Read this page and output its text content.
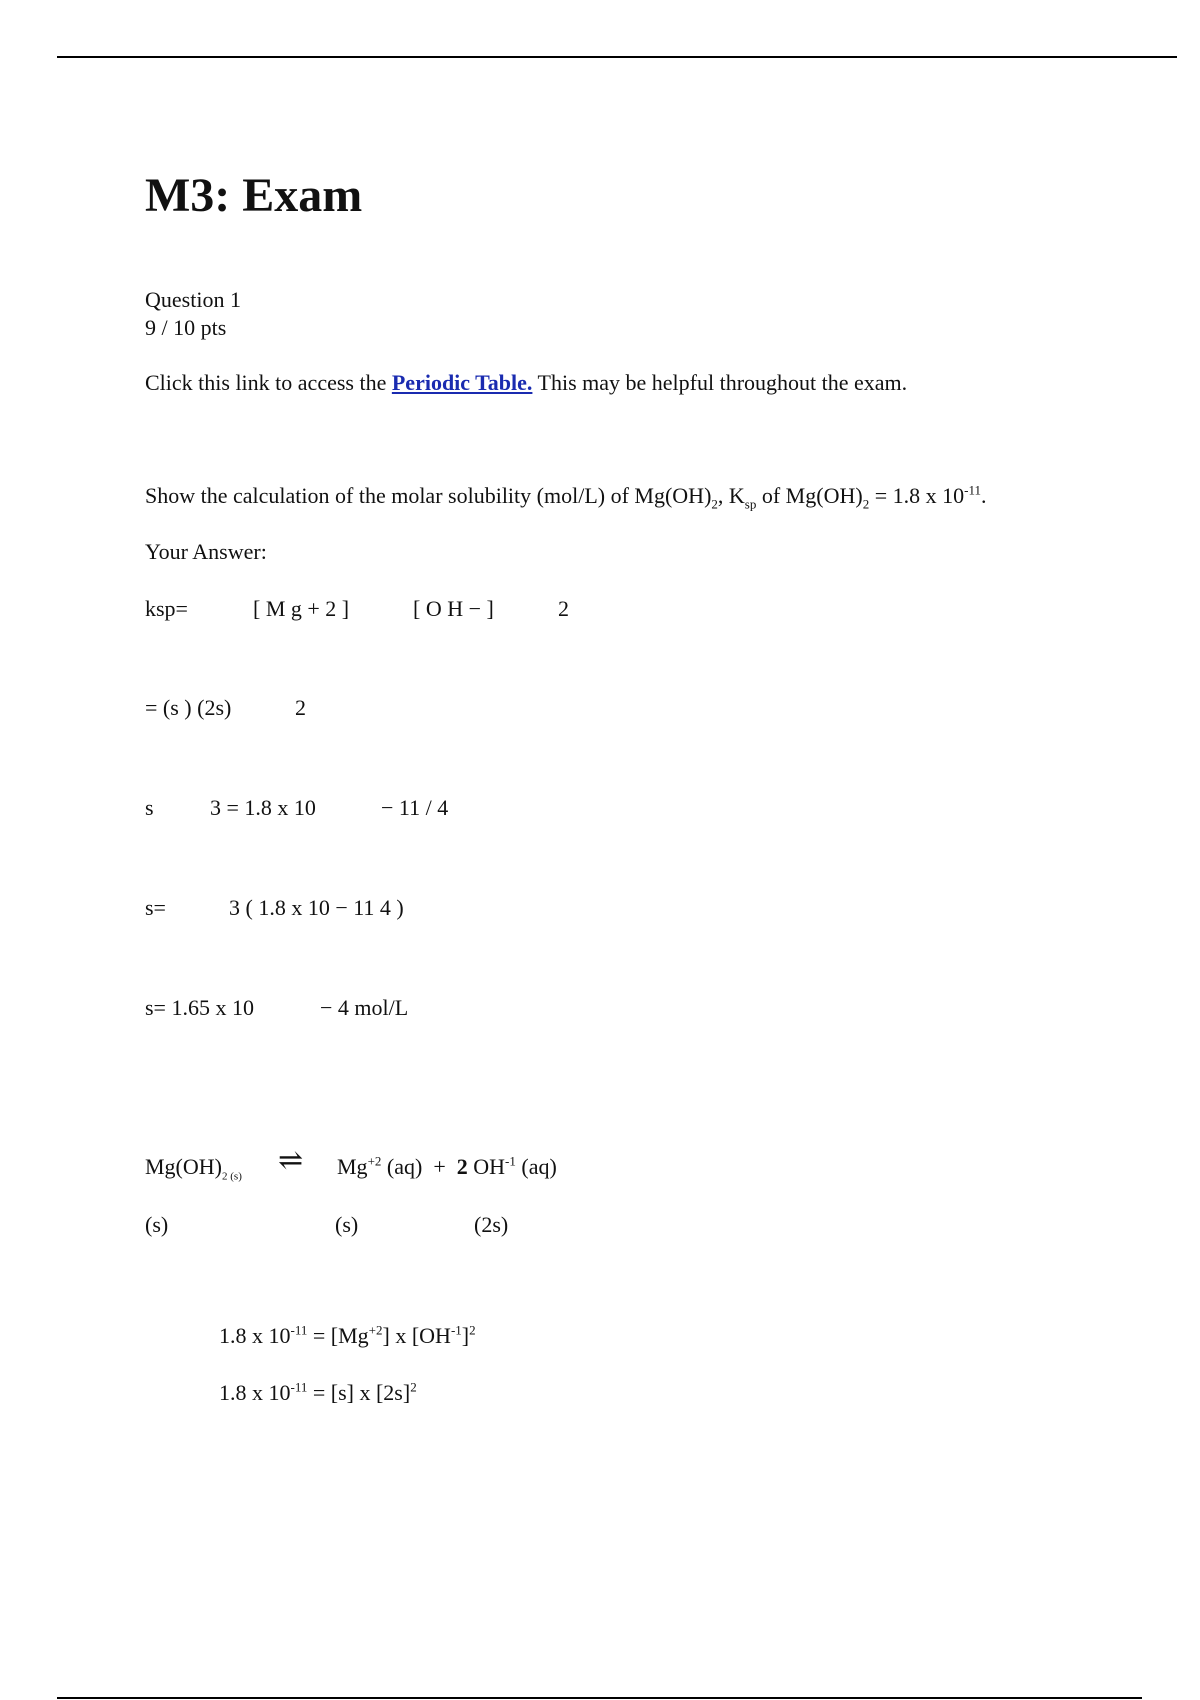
M3: Exam
Question 1
9 / 10 pts
Click this link to access the Periodic Table. This may be helpful throughout the exam.
Show the calculation of the molar solubility (mol/L) of $Mg(OH)_2$, $K_{sp}$ of $Mg(OH)_2 = 1.8$ x $10^{-11}$.
Your Answer:
ksp=	[ M g + 2 ]	[ O H − ]	2
= (s ) (2s)	2
s	3 = 1.8 x 10	− 11 / 4
s=	3 ( 1.8 x 10 − 11 4 )
s= 1.65 x 10	− 4 mol/L
$Mg(OH)_{2 (s)}$ ⇌ $Mg^{+2}$ (aq) + 2 $OH^{-1}$ (aq)
(s)	(s)	(2s)
1.8 x $10^{-11} = [Mg^{+2}]$ x $[OH^{-1}]^2$
1.8 x $10^{-11} = [s]$ x $[2s]^2$
